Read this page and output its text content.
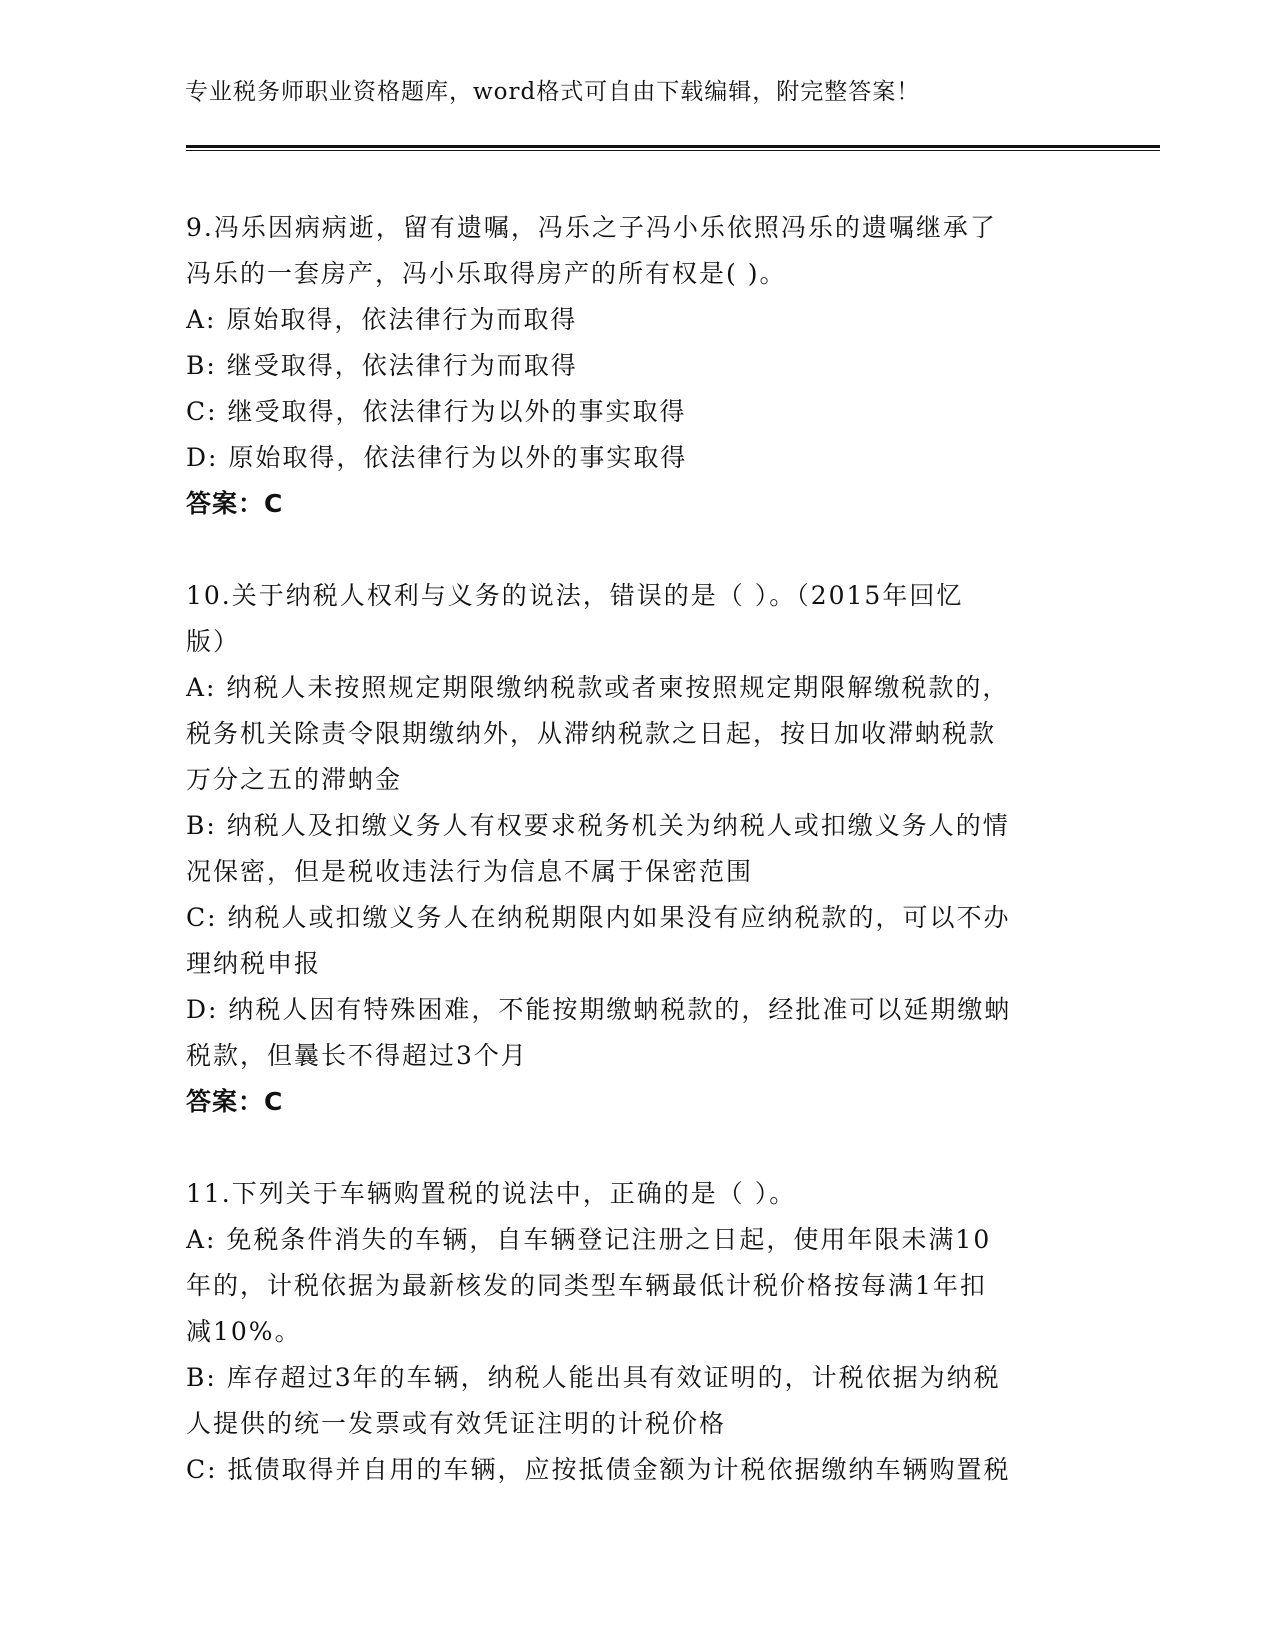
专业税务师职业资格题库，word格式可自由下载编辑，附完整答案！
9.冯乐因病病逝，留有遗嘱，冯乐之子冯小乐依照冯乐的遗嘱继承了
冯乐的一套房产，冯小乐取得房产的所有权是( )。
A: 原始取得，依法律行为而取得
B: 继受取得，依法律行为而取得
C: 继受取得，依法律行为以外的事实取得
D: 原始取得，依法律行为以外的事实取得
答案：C
10.关于纳税人权利与义务的说法，错误的是（ ）。（2015年回忆
版）
A: 纳税人未按照规定期限缴纳税款或者柬按照规定期限解缴税款的，
税务机关除责令限期缴纳外，从滞纳税款之日起，按日加收滞蚋税款
万分之五的滞蚋金
B: 纳税人及扣缴义务人有权要求税务机关为纳税人或扣缴义务人的情
况保密，但是税收违法行为信息不属于保密范围
C: 纳税人或扣缴义务人在纳税期限内如果没有应纳税款的，可以不办
理纳税申报
D: 纳税人因有特殊困难，不能按期缴蚋税款的，经批准可以延期缴蚋
税款，但曩长不得超过3个月
答案：C
11.下列关于车辆购置税的说法中，正确的是（ ）。
A: 免税条件消失的车辆，自车辆登记注册之日起，使用年限未满10
年的，计税依据为最新核发的同类型车辆最低计税价格按每满1年扣
减10%。
B: 库存超过3年的车辆，纳税人能出具有效证明的，计税依据为纳税
人提供的统一发票或有效凭证注明的计税价格
C: 抵债取得并自用的车辆，应按抵债金额为计税依据缴纳车辆购置税
